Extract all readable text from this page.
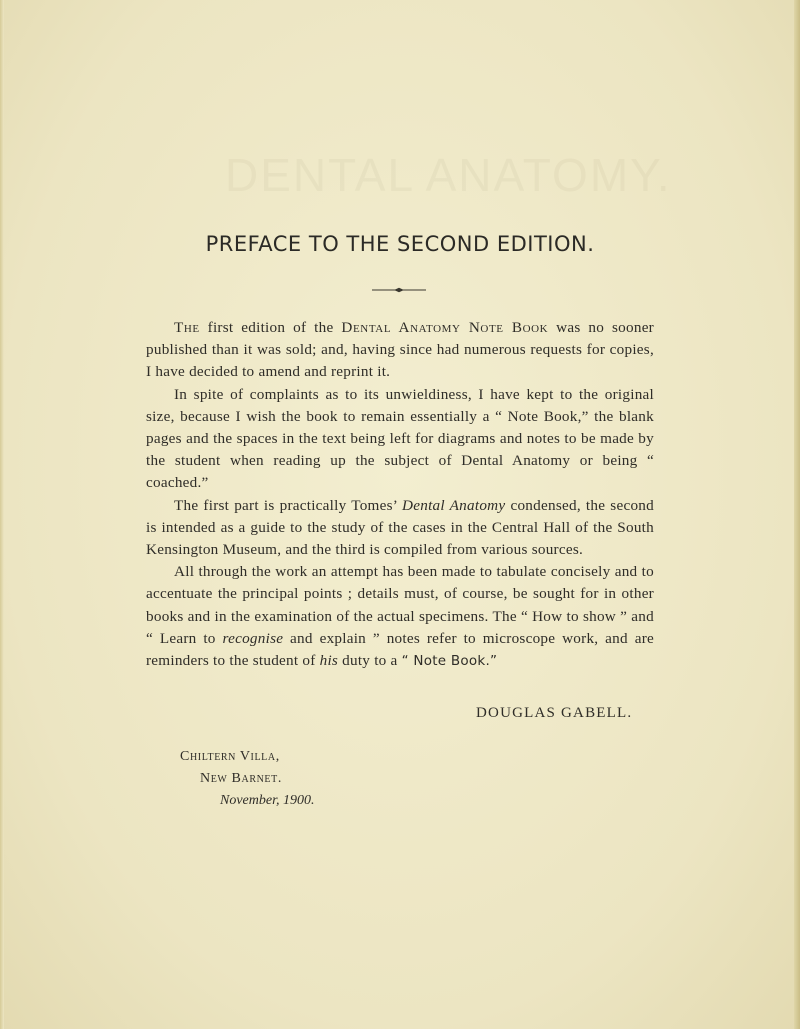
DENTAL ANATOMY.
PREFACE TO THE SECOND EDITION.

The first edition of the Dental Anatomy Note Book was no sooner published than it was sold; and, having since had numerous requests for copies, I have decided to amend and reprint it.

In spite of complaints as to its unwieldiness, I have kept to the original size, because I wish the book to remain essentially a “ Note Book,” the blank pages and the spaces in the text being left for diagrams and notes to be made by the student when reading up the subject of Dental Anatomy or being “ coached.”

The first part is practically Tomes’ Dental Anatomy condensed, the second is intended as a guide to the study of the cases in the Central Hall of the South Kensington Museum, and the third is compiled from various sources.

All through the work an attempt has been made to tabulate concisely and to accentuate the principal points ; details must, of course, be sought for in other books and in the examination of the actual specimens. The “ How to show ” and “ Learn to recognise and explain ” notes refer to microscope work, and are reminders to the student of his duty to a “ Note Book.”

DOUGLAS GABELL.
Chiltern Villa,
New Barnet.
November, 1900.
